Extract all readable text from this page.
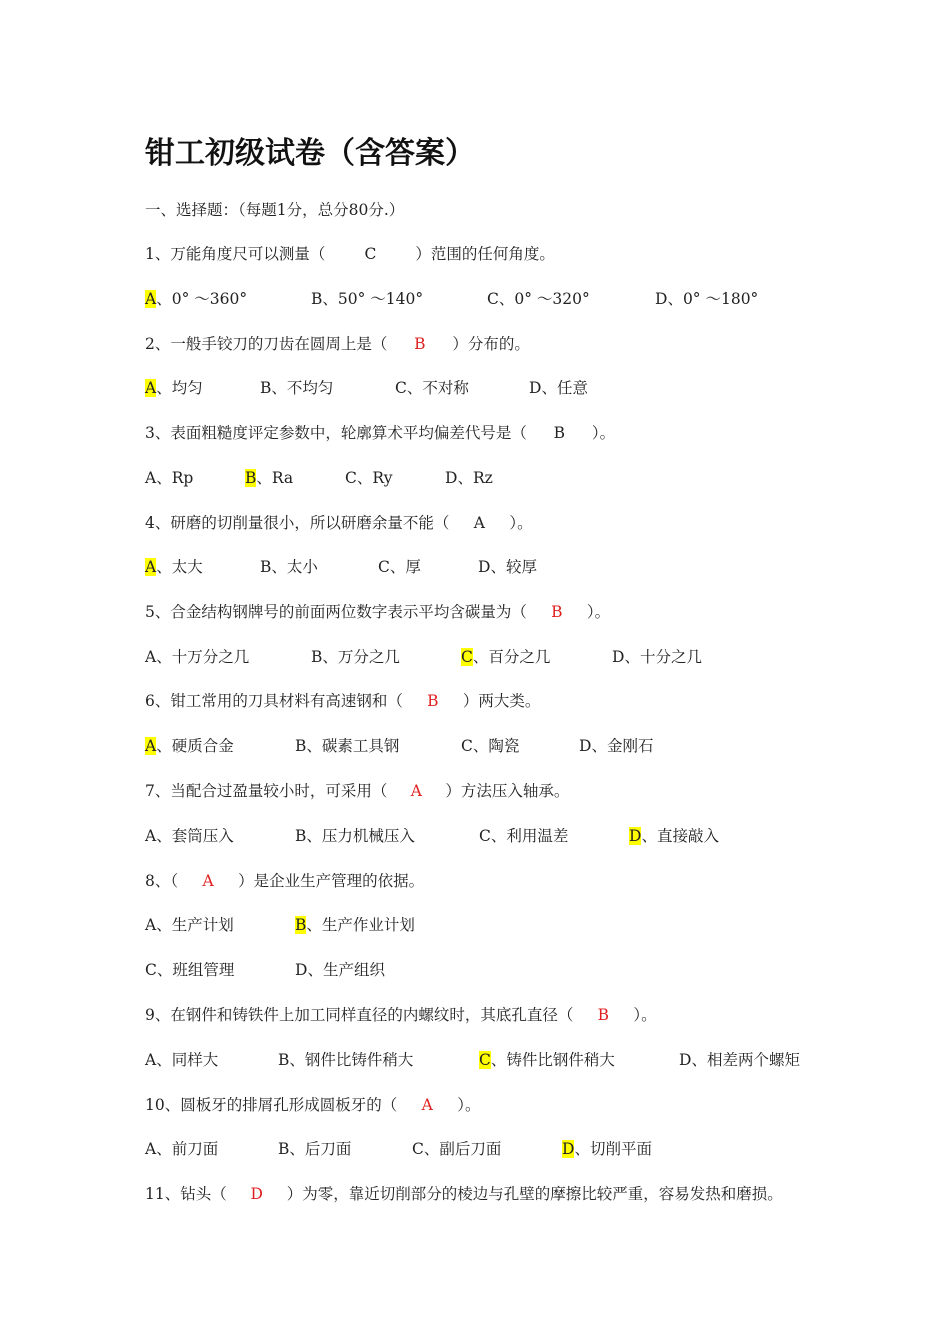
钳工初级试卷（含答案）
一、选择题：（每题1分，总分80分.）
1、万能角度尺可以测量（	C	）范围的任何角度。
A、0° ～360°	B、50° ～140°	C、0° ～320°	D、0° ～180°
2、一般手铰刀的刀齿在圆周上是（ B ）分布的。
A、均匀	B、不均匀	C、不对称	D、任意
3、表面粗糙度评定参数中，轮廓算术平均偏差代号是（ B ）。
A、Rp	B、Ra	C、Ry	D、Rz
4、研磨的切削量很小，所以研磨余量不能（ A ）。
A、太大	B、太小	C、厚	D、较厚
5、合金结构钢牌号的前面两位数字表示平均含碳量为（ B ）。
A、十万分之几	B、万分之几	C、百分之几	D、十分之几
6、钳工常用的刀具材料有高速钢和（ B ）两大类。
A、硬质合金	B、碳素工具钢	C、陶瓷	D、金刚石
7、当配合过盈量较小时，可采用（ A ）方法压入轴承。
A、套筒压入	B、压力机械压入	C、利用温差	D、直接敲入
8、（ A ）是企业生产管理的依据。
A、生产计划	B、生产作业计划
C、班组管理	D、生产组织
9、在钢件和铸铁件上加工同样直径的内螺纹时，其底孔直径（ B ）。
A、同样大	B、钢件比铸件稍大	C、铸件比钢件稍大	D、相差两个螺矩
10、圆板牙的排屑孔形成圆板牙的（ A ）。
A、前刀面	B、后刀面	C、副后刀面	D、切削平面
11、钻头（ D ）为零，靠近切削部分的棱边与孔壁的摩擦比较严重，容易发热和磨损。
